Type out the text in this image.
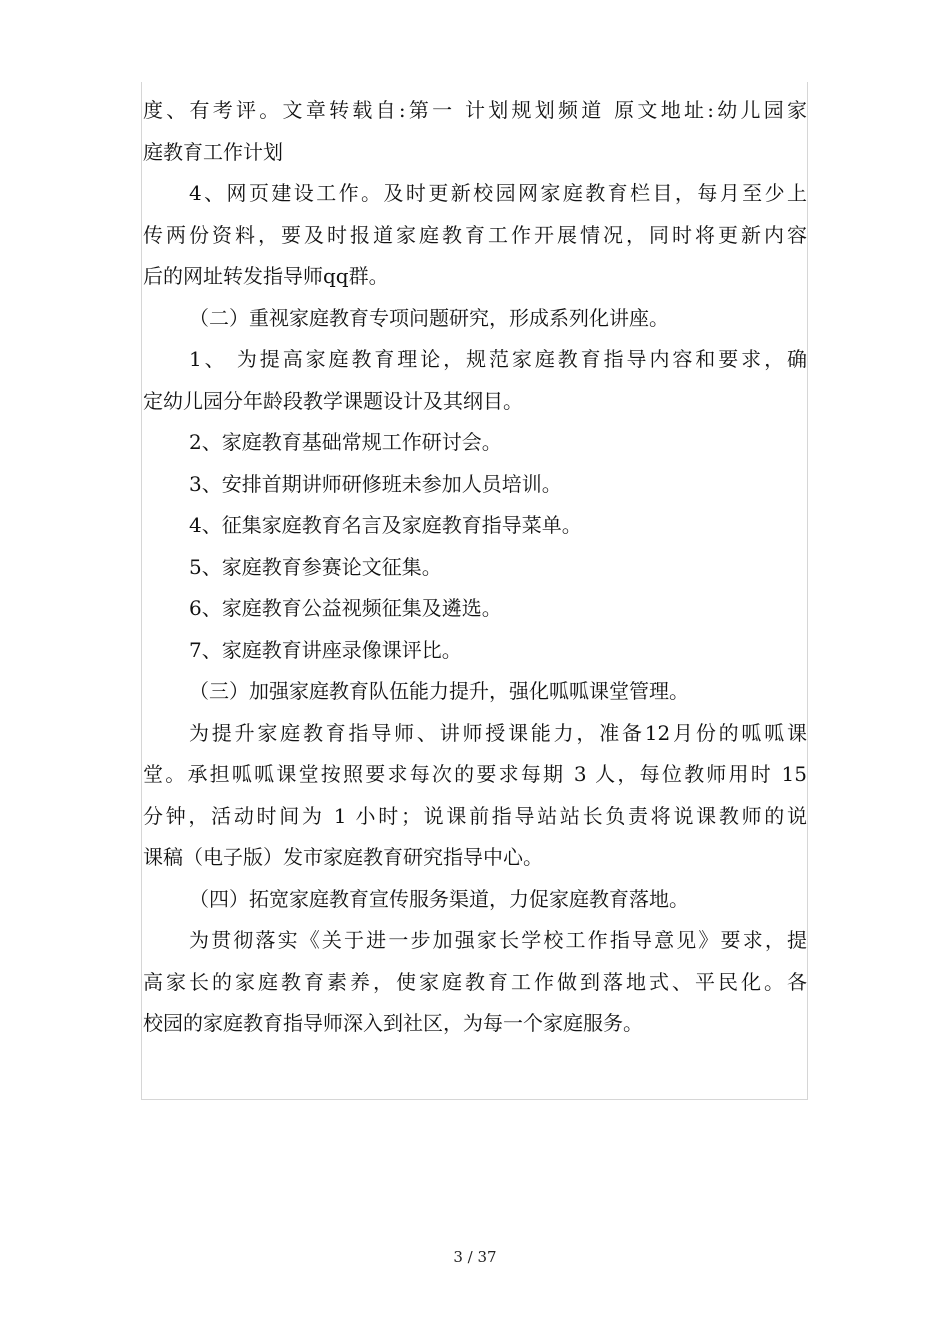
度、有考评。文章转载自:第一 计划规划频道 原文地址:幼儿园家
庭教育工作计划
4、网页建设工作。及时更新校园网家庭教育栏目，每月至少上
传两份资料，要及时报道家庭教育工作开展情况，同时将更新内容
后的网址转发指导师qq群。
（二）重视家庭教育专项问题研究，形成系列化讲座。
1、 为提高家庭教育理论，规范家庭教育指导内容和要求，确
定幼儿园分年龄段教学课题设计及其纲目。
2、家庭教育基础常规工作研讨会。
3、安排首期讲师研修班未参加人员培训。
4、征集家庭教育名言及家庭教育指导菜单。
5、家庭教育参赛论文征集。
6、家庭教育公益视频征集及遴选。
7、家庭教育讲座录像课评比。
（三）加强家庭教育队伍能力提升，强化呱呱课堂管理。
为提升家庭教育指导师、讲师授课能力，准备12月份的呱呱课
堂。承担呱呱课堂按照要求每次的要求每期 3 人，每位教师用时 15
分钟，活动时间为 1 小时；说课前指导站站长负责将说课教师的说
课稿（电子版）发市家庭教育研究指导中心。
（四）拓宽家庭教育宣传服务渠道，力促家庭教育落地。
为贯彻落实《关于进一步加强家长学校工作指导意见》要求，提
高家长的家庭教育素养，使家庭教育工作做到落地式、平民化。各
校园的家庭教育指导师深入到社区，为每一个家庭服务。
3 / 37
